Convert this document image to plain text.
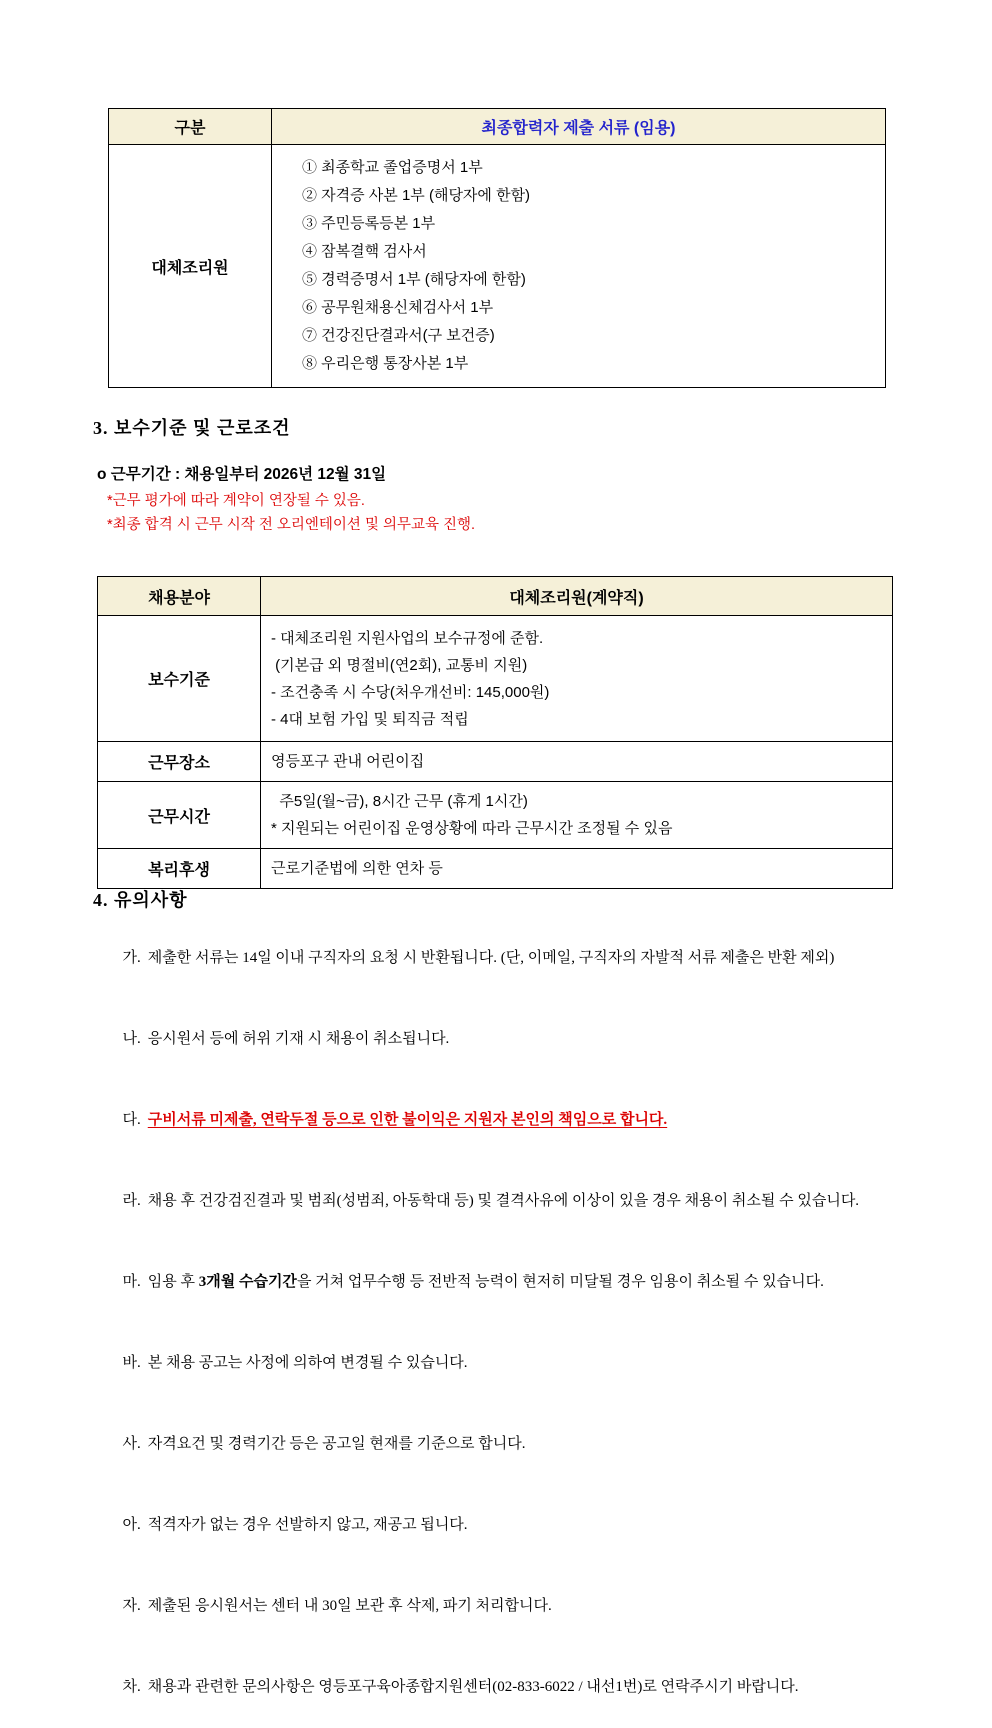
구분	최종합력자 제출 서류 (임용)
대체조리원	
① 최종학교 졸업증명서 1부
② 자격증 사본 1부 (해당자에 한함)
③ 주민등록등본 1부
④ 잠복결핵 검사서
⑤ 경력증명서 1부 (해당자에 한함)
⑥ 공무원채용신체검사서 1부
⑦ 건강진단결과서(구 보건증)
⑧ 우리은행 통장사본 1부
3. 보수기준 및 근로조건

o 근무기간 : 채용일부터 2026년 12월 31일

*근무 평가에 따라 계약이 연장될 수 있음.

*최종 합격 시 근무 시작 전 오리엔테이션 및 의무교육 진행.

채용분야	대체조리원(계약직)
보수기준	- 대체조리원 지원사업의 보수규정에 준함.
(기본급 외 명절비(연2회), 교통비 지원)
- 조건충족 시 수당(처우개선비: 145,000원)
- 4대 보험 가입 및 퇴직금 적립
근무장소	영등포구 관내 어린이집
근무시간	주5일(월~금), 8시간 근무 (휴게 1시간)
* 지원되는 어린이집 운영상황에 따라 근무시간 조정될 수 있음
복리후생	근로기준법에 의한 연차 등
4. 유의사항

가. 제출한 서류는 14일 이내 구직자의 요청 시 반환됩니다. (단, 이메일, 구직자의 자발적 서류 제출은 반환 제외)

나. 응시원서 등에 허위 기재 시 채용이 취소됩니다.

다. 구비서류 미제출, 연락두절 등으로 인한 불이익은 지원자 본인의 책임으로 합니다.

라. 채용 후 건강검진결과 및 범죄(성범죄, 아동학대 등) 및 결격사유에 이상이 있을 경우 채용이 취소될 수 있습니다.

마. 임용 후 3개월 수습기간을 거쳐 업무수행 등 전반적 능력이 현저히 미달될 경우 임용이 취소될 수 있습니다.

바. 본 채용 공고는 사정에 의하여 변경될 수 있습니다.

사. 자격요건 및 경력기간 등은 공고일 현재를 기준으로 합니다.

아. 적격자가 없는 경우 선발하지 않고, 재공고 됩니다.

자. 제출된 응시원서는 센터 내 30일 보관 후 삭제, 파기 처리합니다.

차. 채용과 관련한 문의사항은 영등포구육아종합지원센터(02-833-6022 / 내선1번)로 연락주시기 바랍니다.
